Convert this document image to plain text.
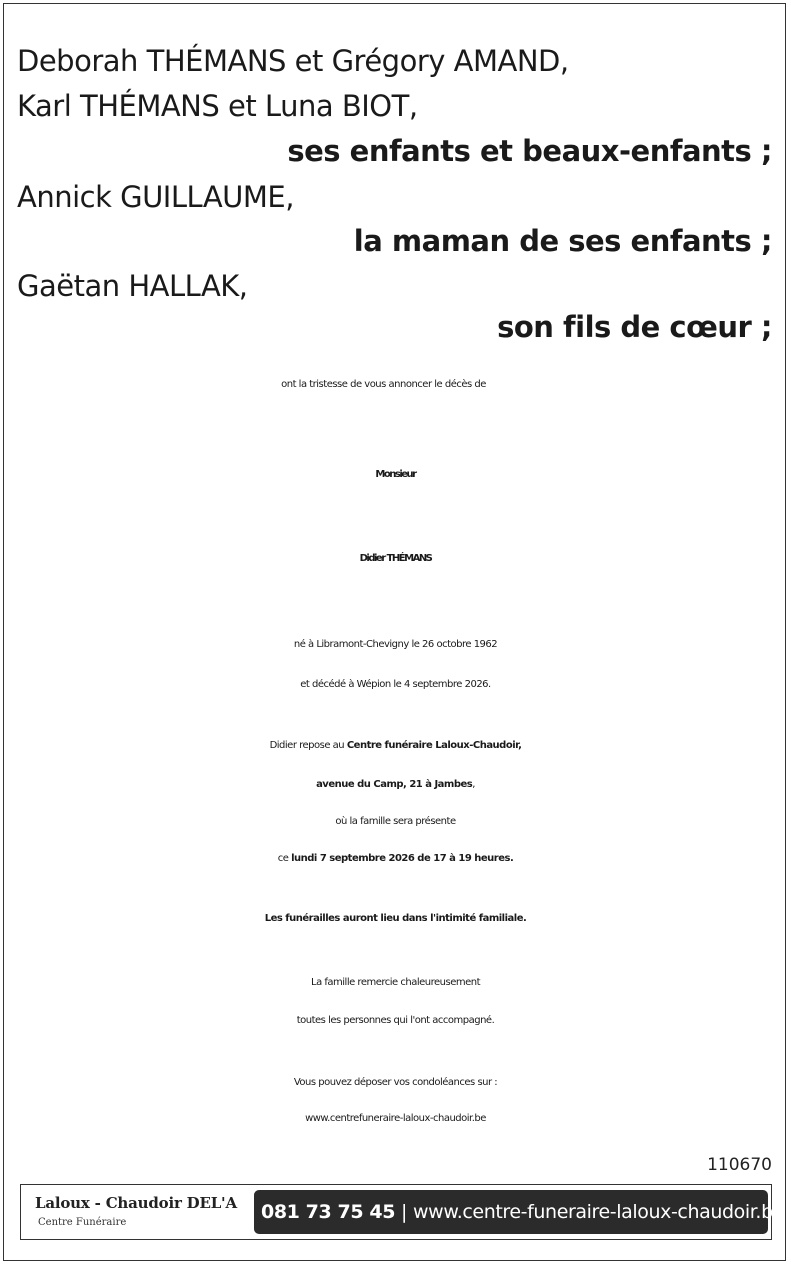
Deborah THÉMANS et Grégory AMAND,
Karl THÉMANS et Luna BIOT,
ses enfants et beaux-enfants ;
Annick GUILLAUME,
la maman de ses enfants ;
Gaëtan HALLAK,
son fils de cœur ;
ont la tristesse de vous annoncer le décès de
Monsieur
Didier THÉMANS
né à Libramont-Chevigny le 26 octobre 1962
et décédé à Wépion le 4 septembre 2026.
Didier repose au Centre funéraire Laloux-Chaudoir,
avenue du Camp, 21 à Jambes,
où la famille sera présente
ce lundi 7 septembre 2026 de 17 à 19 heures.
Les funérailles auront lieu dans l'intimité familiale.
La famille remercie chaleureusement
toutes les personnes qui l'ont accompagné.
Vous pouvez déposer vos condoléances sur :
www.centrefuneraire-laloux-chaudoir.be
110670
Laloux - Chaudoir DEL'A
Centre Funéraire	081 73 75 45 | www.centre-funeraire-laloux-chaudoir.be
